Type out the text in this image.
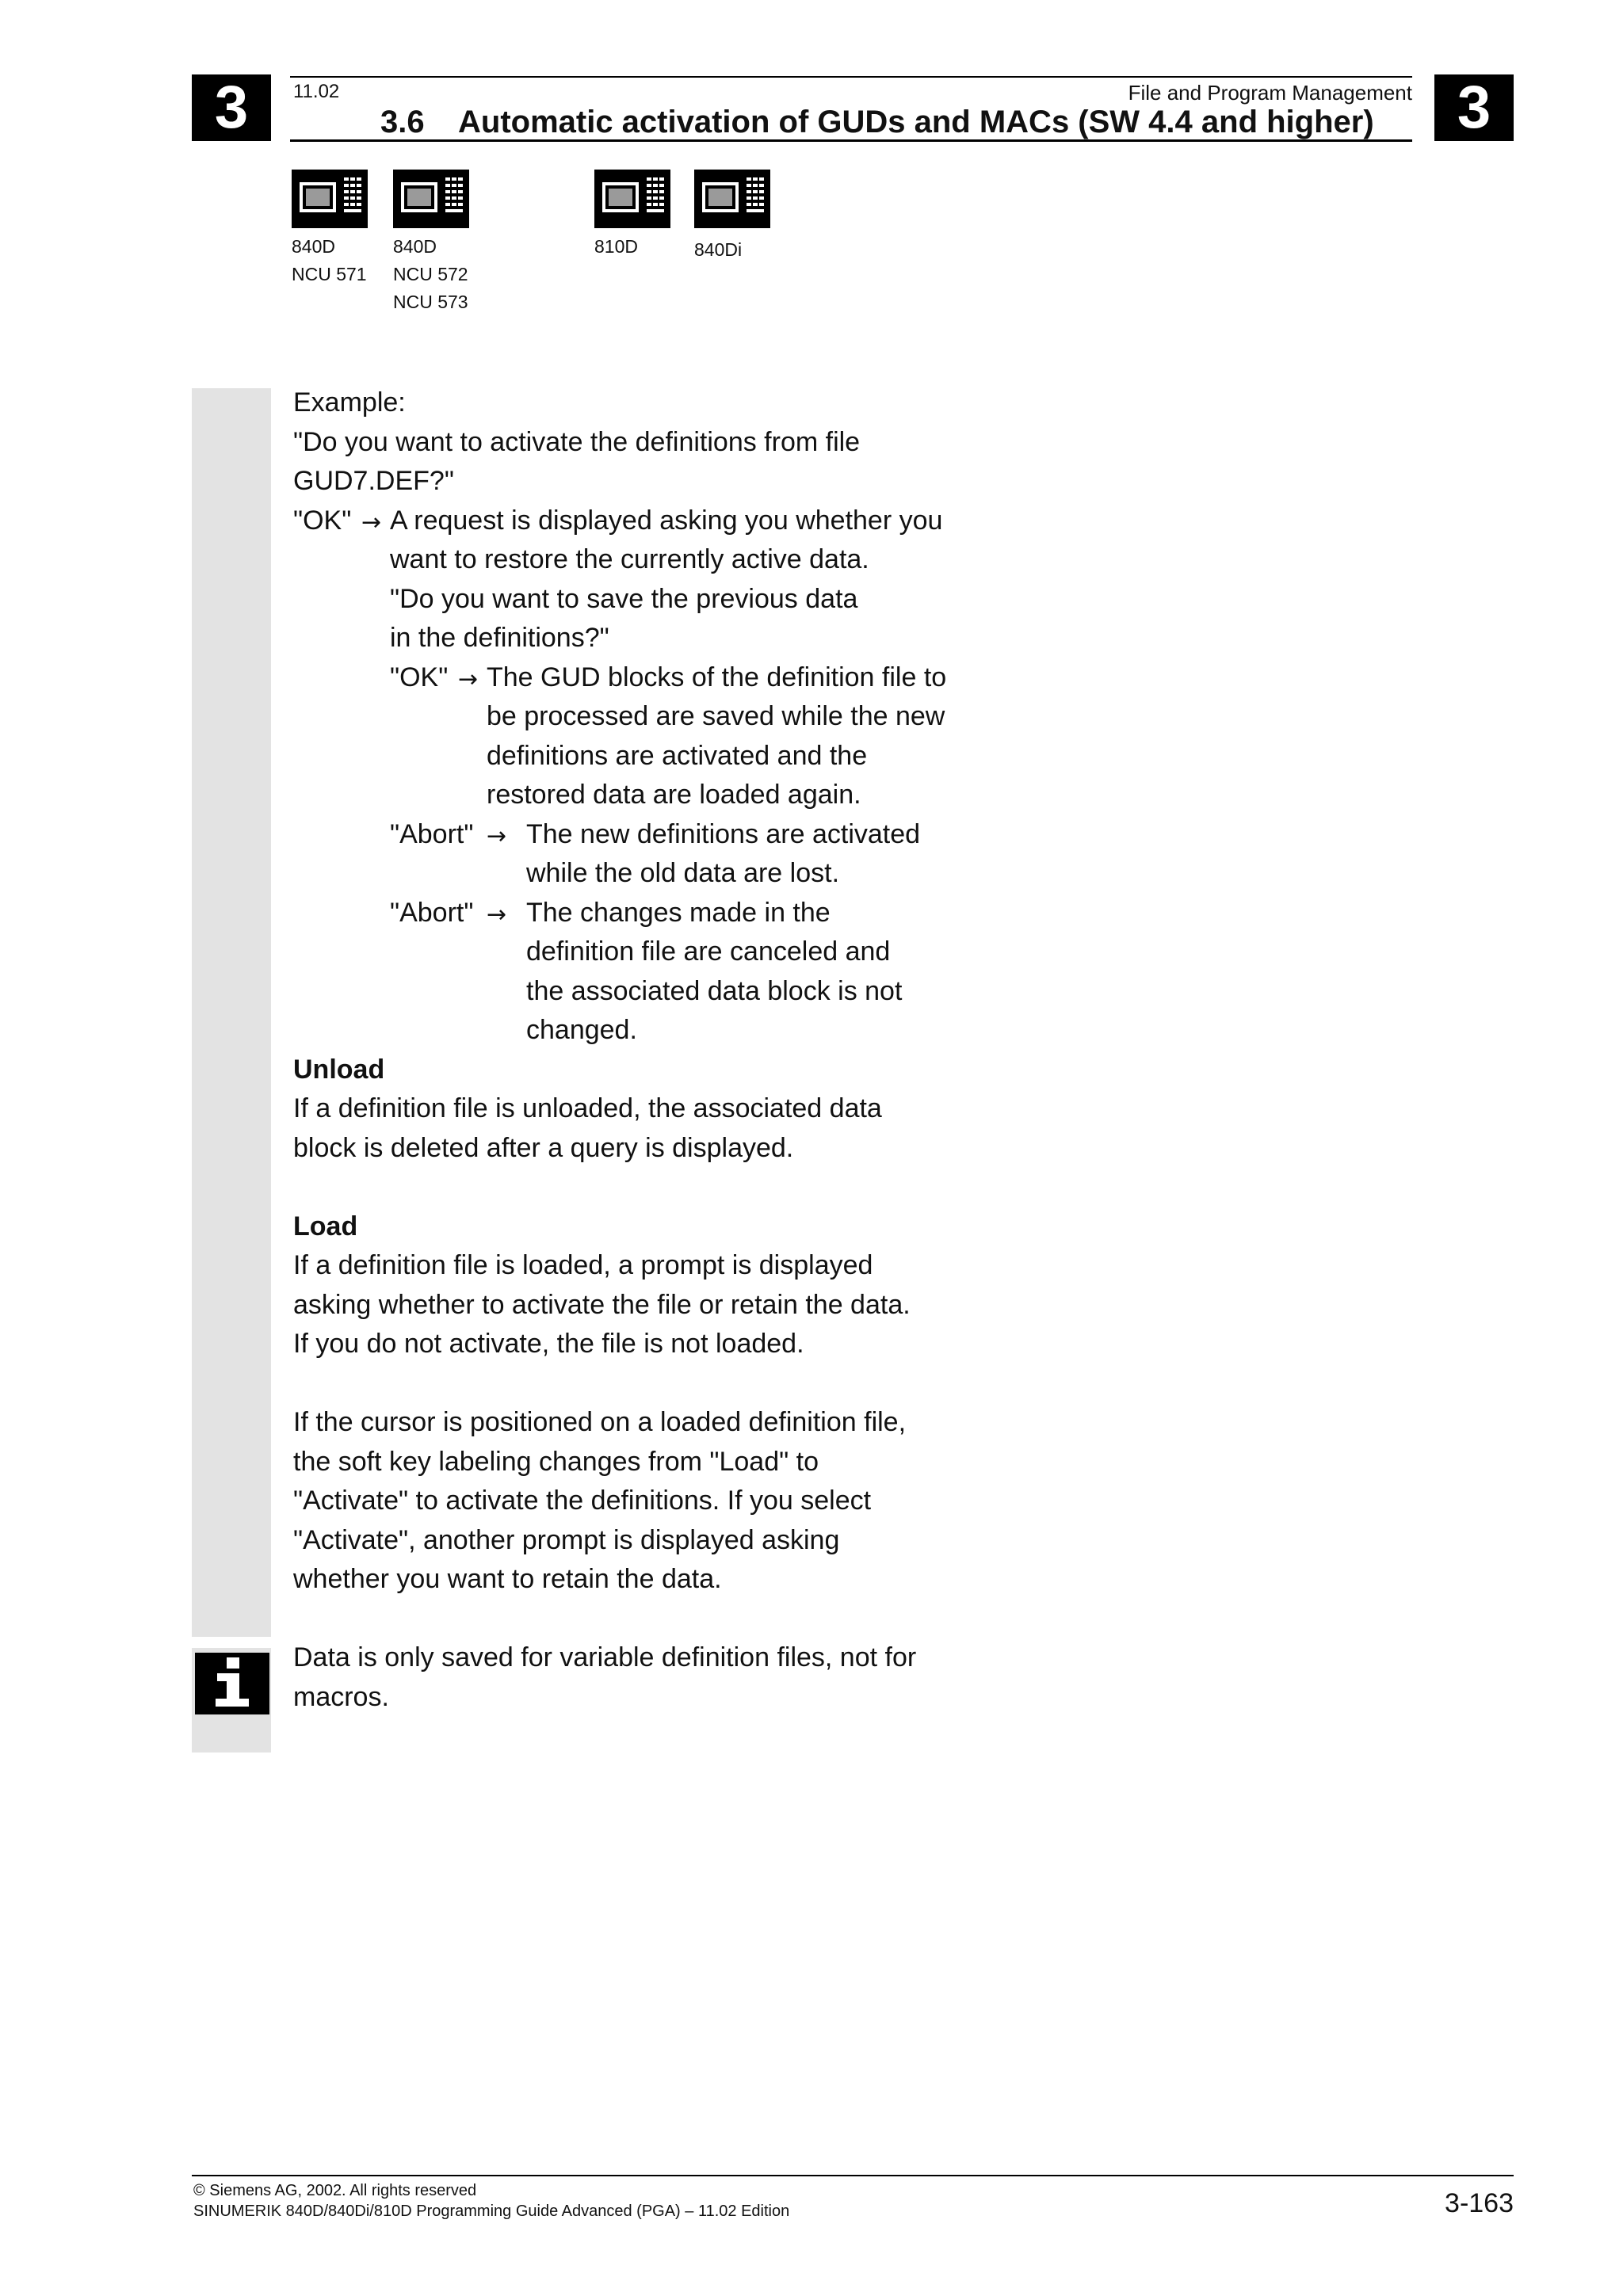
3	3
11.02	File and Program Management
3.6 Automatic activation of GUDs and MACs (SW 4.4 and higher)
840D
NCU 571
840D
NCU 572
NCU 573
810D	840Di
Example:
"Do you want to activate the definitions from file
GUD7.DEF?"
"OK" → A request is displayed asking you whether you
want to restore the currently active data.
"Do you want to save the previous data
in the definitions?"
"OK" → The GUD blocks of the definition file to
be processed are saved while the new
definitions are activated and the
restored data are loaded again.
"Abort" → The new definitions are activated
while the old data are lost.
"Abort" → The changes made in the
definition file are canceled and
the associated data block is not
changed.
Unload
If a definition file is unloaded, the associated data
block is deleted after a query is displayed.
Load
If a definition file is loaded, a prompt is displayed
asking whether to activate the file or retain the data.
If you do not activate, the file is not loaded.
If the cursor is positioned on a loaded definition file,
the soft key labeling changes from "Load" to
"Activate" to activate the definitions. If you select
"Activate", another prompt is displayed asking
whether you want to retain the data.
Data is only saved for variable definition files, not for
macros.
© Siemens AG, 2002. All rights reserved
SINUMERIK 840D/840Di/810D Programming Guide Advanced (PGA) – 11.02 Edition	3-163
